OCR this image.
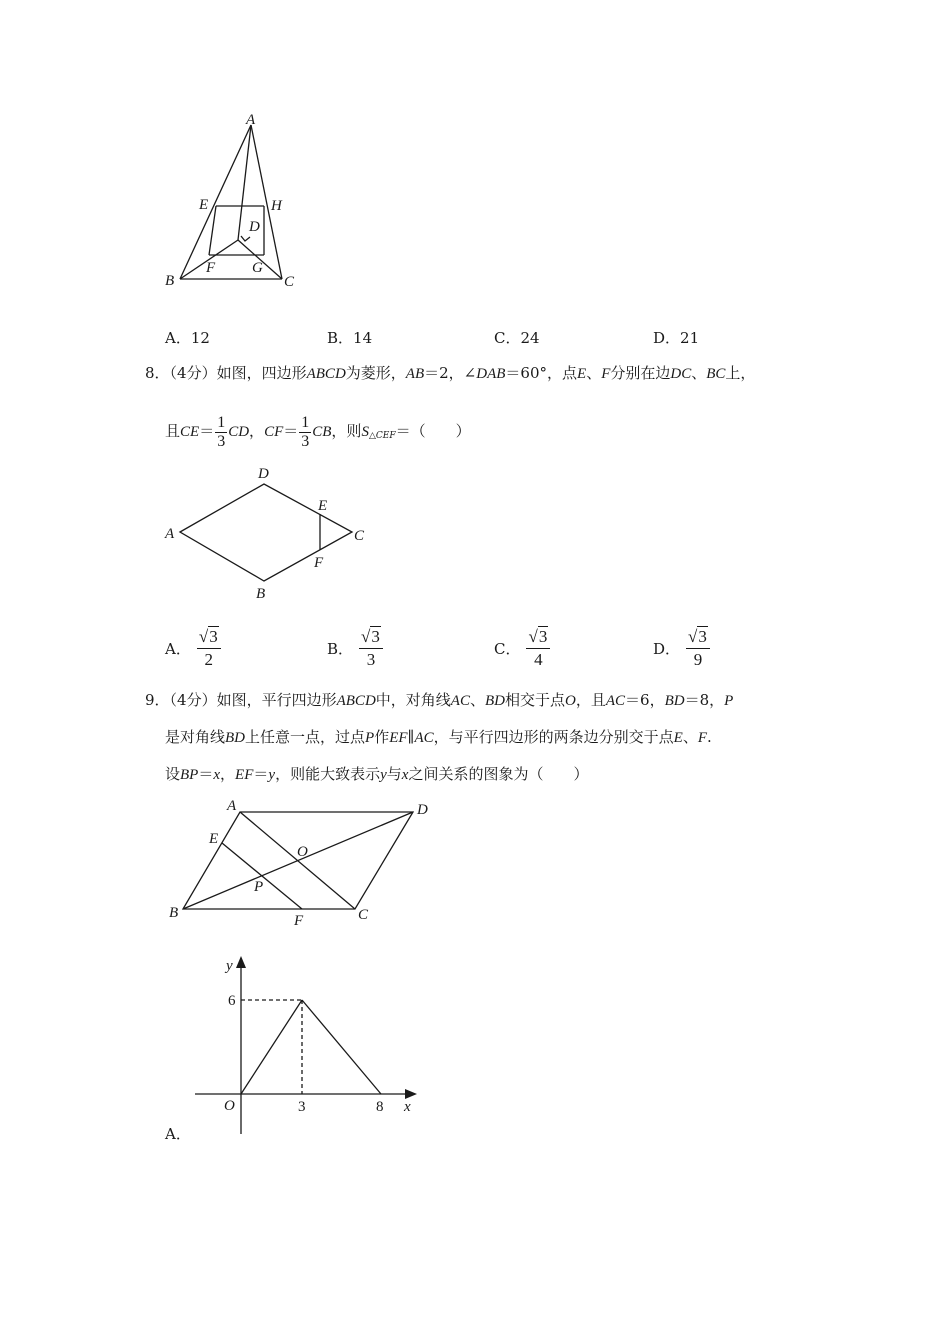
A
E	H
D
F G
B	C
A．12	B．14	C．24	D．21
8．（4分）如图，四边形ABCD为菱形，AB＝2，∠DAB＝60°，点E、F分别在边DC、BC上，
且$CE= \frac{1}{3}$ CD，$CF= \frac{1}{3}$ CB，则$S_{\triangle CEF}=$（　　）
D
A
E
C
F
B
A． $\frac{√3}{2}$	B． $\frac{√3}{3}$	C． $\frac{√3}{4}$	D． $\frac{√3}{9}$
9．（4分）如图，平行四边形ABCD中，对角线AC、BD相交于点O，且AC＝6，BD＝8，P
是对角线BD上任意一点，过点P作EF∥AC，与平行四边形的两条边分别交于点E、F.
设BP＝x，EF＝y，则能大致表示y与x之间关系的图象为（　　）
A	D
E
O
P
B	F	C
y
6
O	3	8 x
A．
